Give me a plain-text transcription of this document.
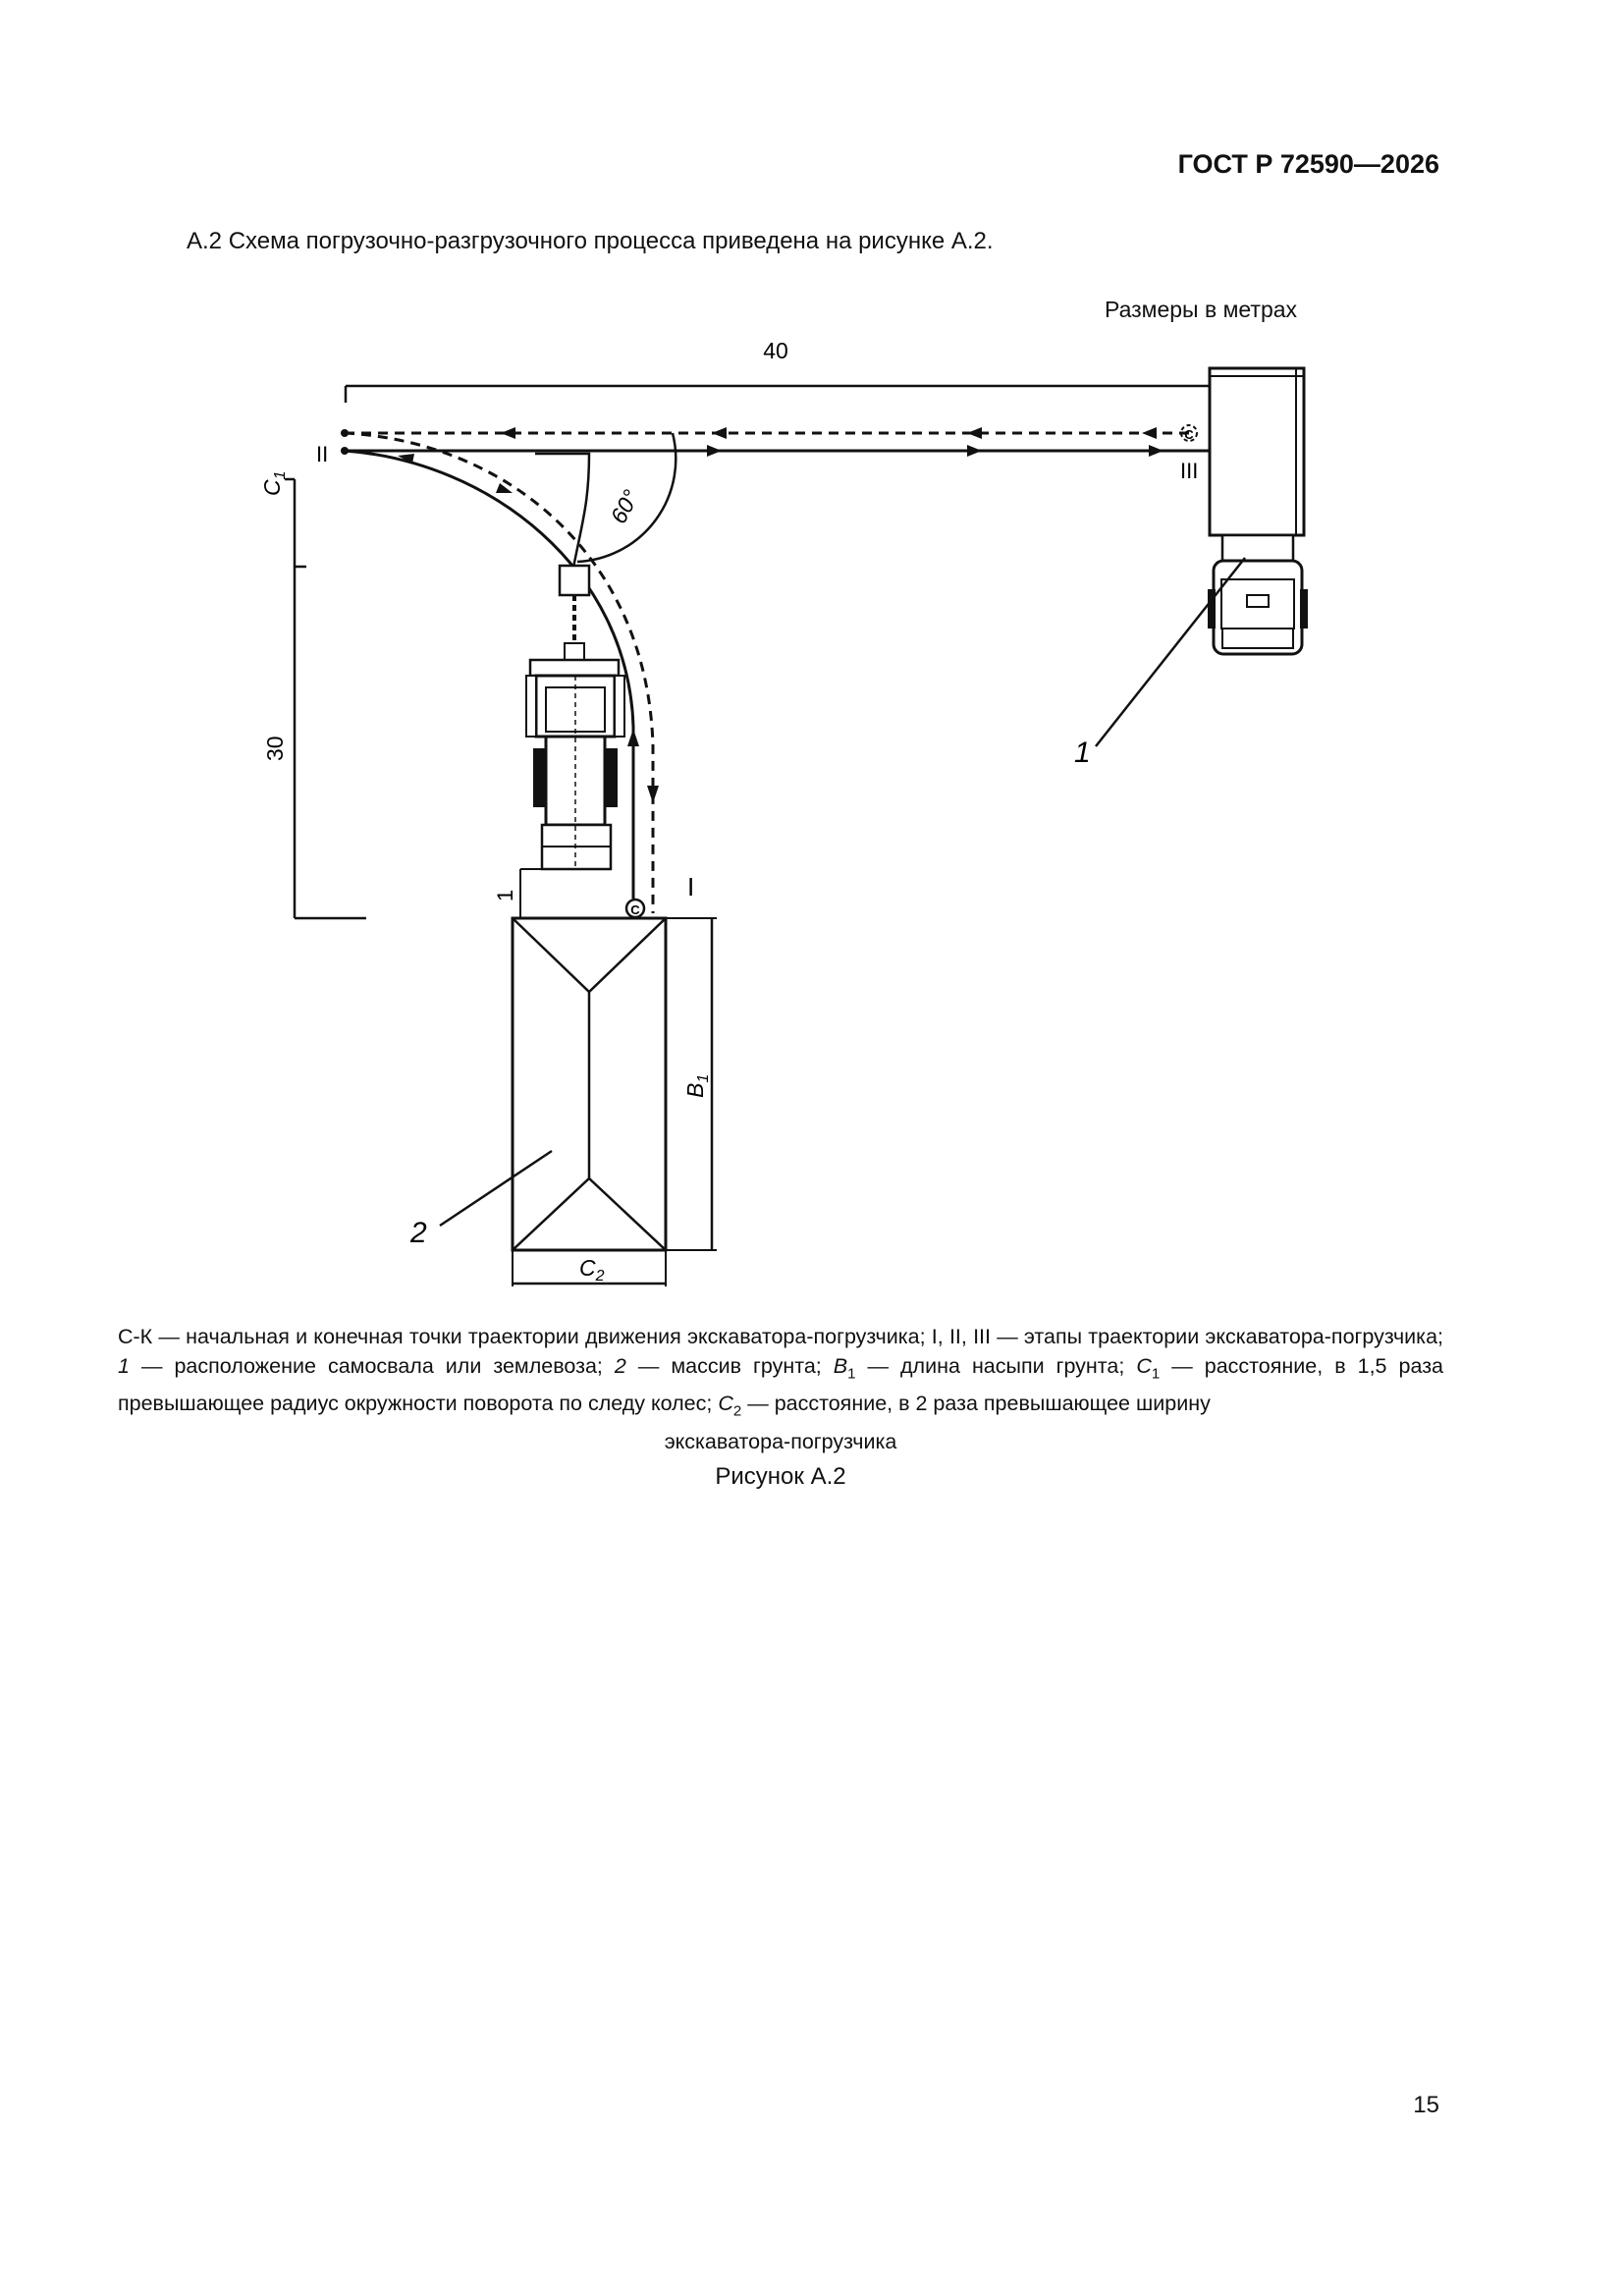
ГОСТ Р 72590—2026
А.2 Схема погрузочно-разгрузочного процесса приведена на рисунке А.2.
Размеры в метрах
40
$C_1$
30
60°
II
III
I
С
1
1
С
2
$B_1$
$C_2$
С-К — начальная и конечная точки траектории движения экскаватора-погрузчика; I, II, III — этапы траектории экскаватора-погрузчика; 1 — расположение самосвала или землевоза; 2 — массив грунта; $B_1$ — длина насыпи грунта; $C_1$ — расстояние, в 1,5 раза превышающее радиус окружности поворота по следу колес; $C_2$ — расстояние, в 2 раза превышающее ширину
экскаватора-погрузчика
Рисунок А.2
15
